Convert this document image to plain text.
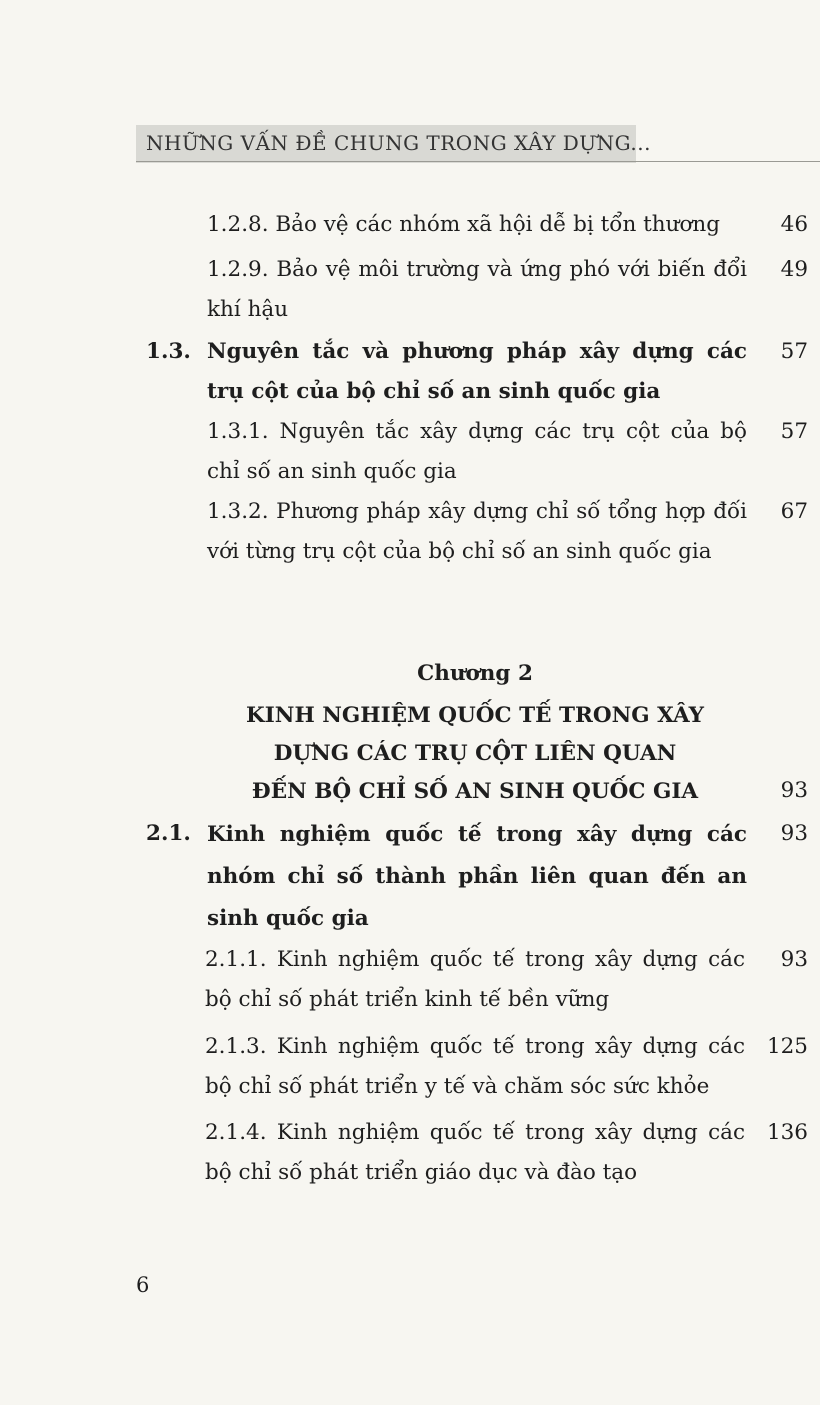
NHỮNG VẤN ĐỀ CHUNG TRONG XÂY DỰNG...
1.2.8. Bảo vệ các nhóm xã hội dễ bị tổn thương	46
1.2.9. Bảo vệ môi trường và ứng phó với biến đổi khí hậu
49
1.3. Nguyên tắc và phương pháp xây dựng các trụ cột của bộ chỉ số an sinh quốc gia
57
1.3.1. Nguyên tắc xây dựng các trụ cột của bộ chỉ số an sinh quốc gia
57
1.3.2. Phương pháp xây dựng chỉ số tổng hợp đối với từng trụ cột của bộ chỉ số an sinh quốc gia
67
Chương 2
KINH NGHIỆM QUỐC TẾ TRONG XÂY
DỰNG CÁC TRỤ CỘT LIÊN QUAN
ĐẾN BỘ CHỈ SỐ AN SINH QUỐC GIA	93
2.1. Kinh nghiệm quốc tế trong xây dựng các nhóm chỉ số thành phần liên quan đến an sinh quốc gia
93
2.1.1. Kinh nghiệm quốc tế trong xây dựng các bộ chỉ số phát triển kinh tế bền vững
93
2.1.3. Kinh nghiệm quốc tế trong xây dựng các bộ chỉ số phát triển y tế và chăm sóc sức khỏe
125
2.1.4. Kinh nghiệm quốc tế trong xây dựng các bộ chỉ số phát triển giáo dục và đào tạo
136
6
